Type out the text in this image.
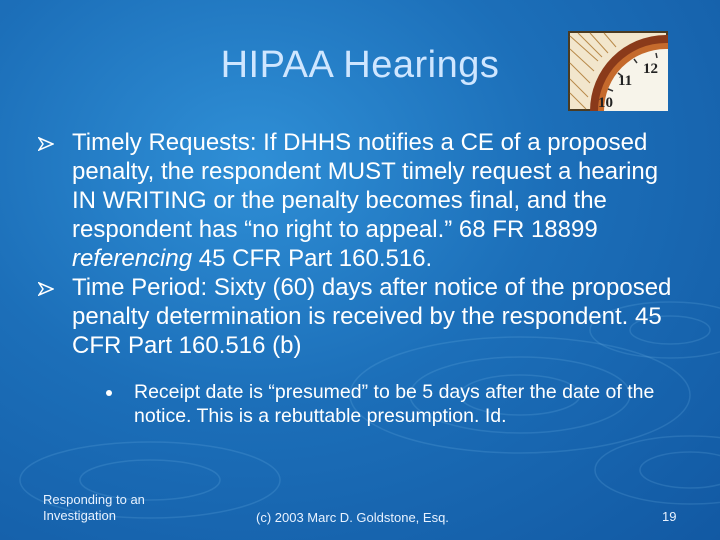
HIPAA Hearings	12
11
10
Timely Requests: If DHHS notifies a CE of a proposed penalty, the respondent MUST timely request a hearing IN WRITING or the penalty becomes final, and the respondent has “no right to appeal.” 68 FR 18899 referencing 45 CFR Part 160.516.
Time Period: Sixty (60) days after notice of the proposed penalty determination is received by the respondent. 45 CFR Part 160.516 (b)
Receipt date is “presumed” to be 5 days after the date of the notice. This is a rebuttable presumption. Id.
Responding to an
Investigation	(c) 2003 Marc D. Goldstone, Esq.	19
